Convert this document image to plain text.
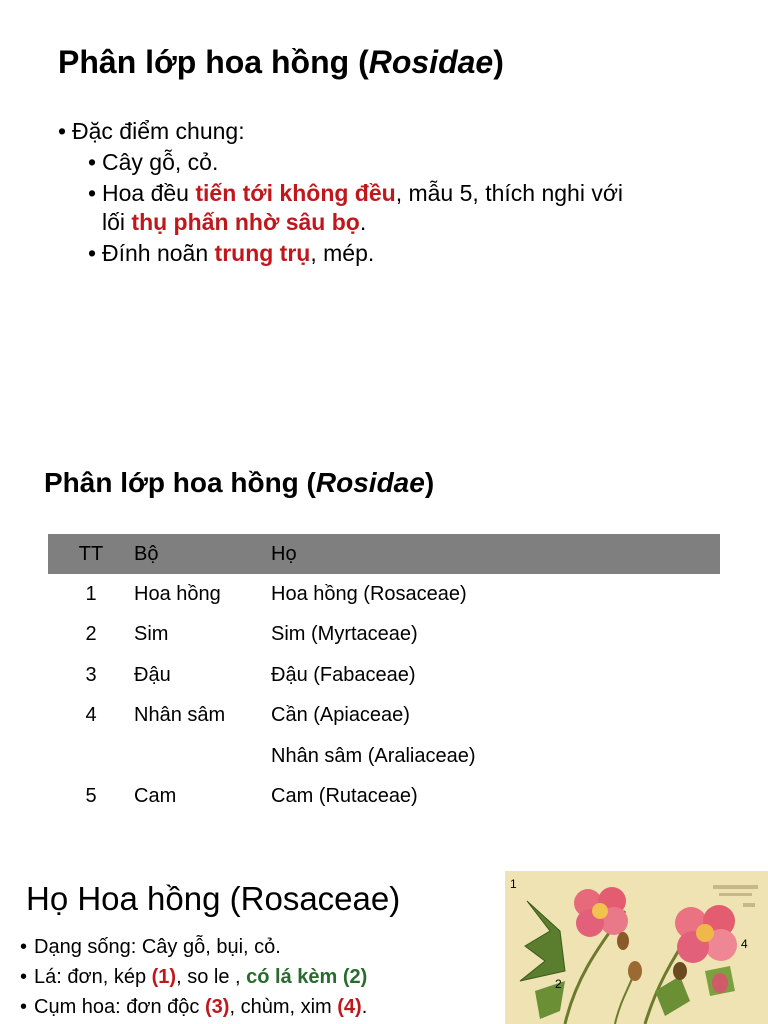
Phân lớp hoa hồng (Rosidae)
• Đặc điểm chung:
• Cây gỗ, cỏ.
• Hoa đều tiến tới không đều, mẫu 5, thích nghi với
lối thụ phấn nhờ sâu bọ.
• Đính noãn trung trụ, mép.
Phân lớp hoa hồng (Rosidae)
TT	Bộ	Họ
1	Hoa hồng	Hoa hồng (Rosaceae)
2	Sim	Sim (Myrtaceae)
3	Đậu	Đậu (Fabaceae)
4	Nhân sâm	Cần (Apiaceae)
		Nhân sâm (Araliaceae)
5	Cam	Cam (Rutaceae)
Họ Hoa hồng (Rosaceae)
• Dạng sống: Cây gỗ, bụi, cỏ.
• Lá: đơn, kép (1), so le , có lá kèm (2)
• Cụm hoa: đơn độc (3), chùm, xim (4).
1
2
4
